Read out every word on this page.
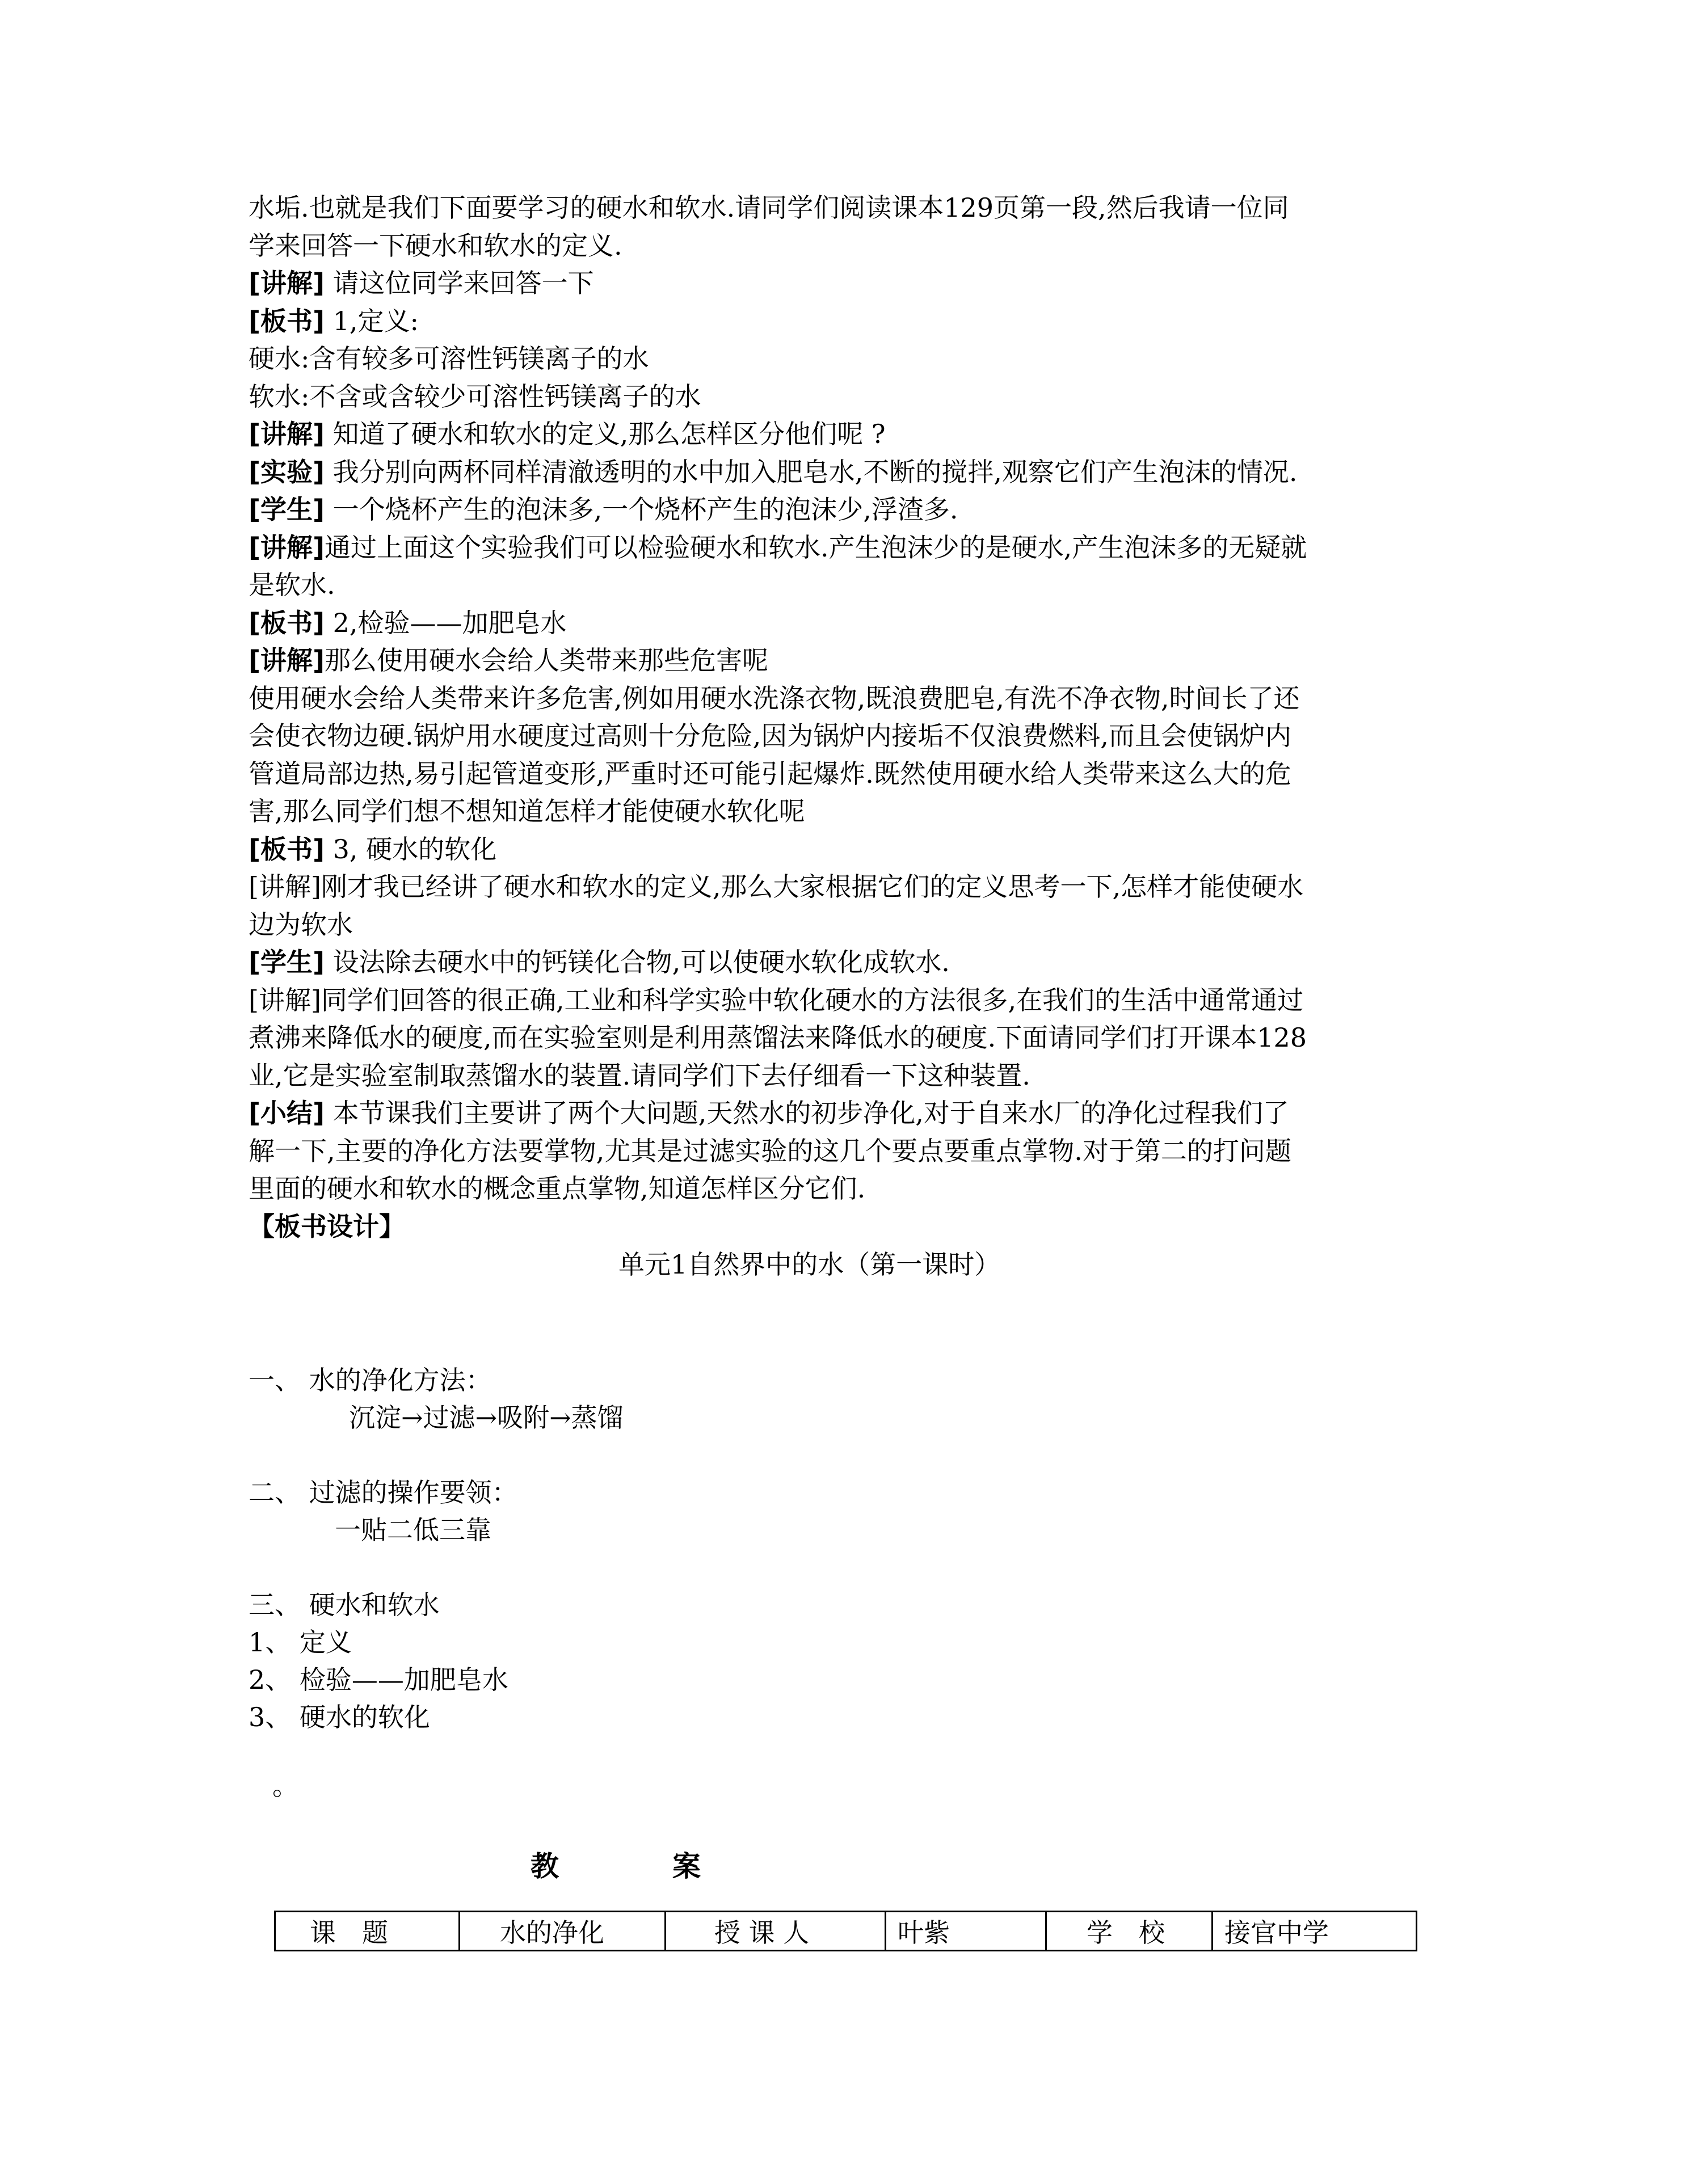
水垢.也就是我们下面要学习的硬水和软水.请同学们阅读课本129页第一段,然后我请一位同
学来回答一下硬水和软水的定义.
[讲解] 请这位同学来回答一下
[板书] 1,定义:
硬水:含有较多可溶性钙镁离子的水
软水:不含或含较少可溶性钙镁离子的水
[讲解] 知道了硬水和软水的定义,那么怎样区分他们呢 ?
[实验] 我分别向两杯同样清澈透明的水中加入肥皂水,不断的搅拌,观察它们产生泡沫的情况.
[学生] 一个烧杯产生的泡沫多,一个烧杯产生的泡沫少,浮渣多.
[讲解]通过上面这个实验我们可以检验硬水和软水.产生泡沫少的是硬水,产生泡沫多的无疑就
是软水.
[板书] 2,检验——加肥皂水
[讲解]那么使用硬水会给人类带来那些危害呢
使用硬水会给人类带来许多危害,例如用硬水洗涤衣物,既浪费肥皂,有洗不净衣物,时间长了还
会使衣物边硬.锅炉用水硬度过高则十分危险,因为锅炉内接垢不仅浪费燃料,而且会使锅炉内
管道局部边热,易引起管道变形,严重时还可能引起爆炸.既然使用硬水给人类带来这么大的危
害,那么同学们想不想知道怎样才能使硬水软化呢
[板书] 3, 硬水的软化
[讲解]刚才我已经讲了硬水和软水的定义,那么大家根据它们的定义思考一下,怎样才能使硬水
边为软水
[学生] 设法除去硬水中的钙镁化合物,可以使硬水软化成软水.
[讲解]同学们回答的很正确,工业和科学实验中软化硬水的方法很多,在我们的生活中通常通过
煮沸来降低水的硬度,而在实验室则是利用蒸馏法来降低水的硬度.下面请同学们打开课本128
业,它是实验室制取蒸馏水的装置.请同学们下去仔细看一下这种装置.
[小结] 本节课我们主要讲了两个大问题,天然水的初步净化,对于自来水厂的净化过程我们了
解一下,主要的净化方法要掌物,尤其是过滤实验的这几个要点要重点掌物.对于第二的打问题
里面的硬水和软水的概念重点掌物,知道怎样区分它们.
【板书设计】
单元1自然界中的水（第一课时）
一、 水的净化方法：
沉淀→过滤→吸附→蒸馏
二、 过滤的操作要领：
一贴二低三靠
三、 硬水和软水
1、 定义
2、 检验——加肥皂水
3、 硬水的软化
。
教　　　　案
课　题	水的净化	授 课 人	叶紫	学　校	接官中学
